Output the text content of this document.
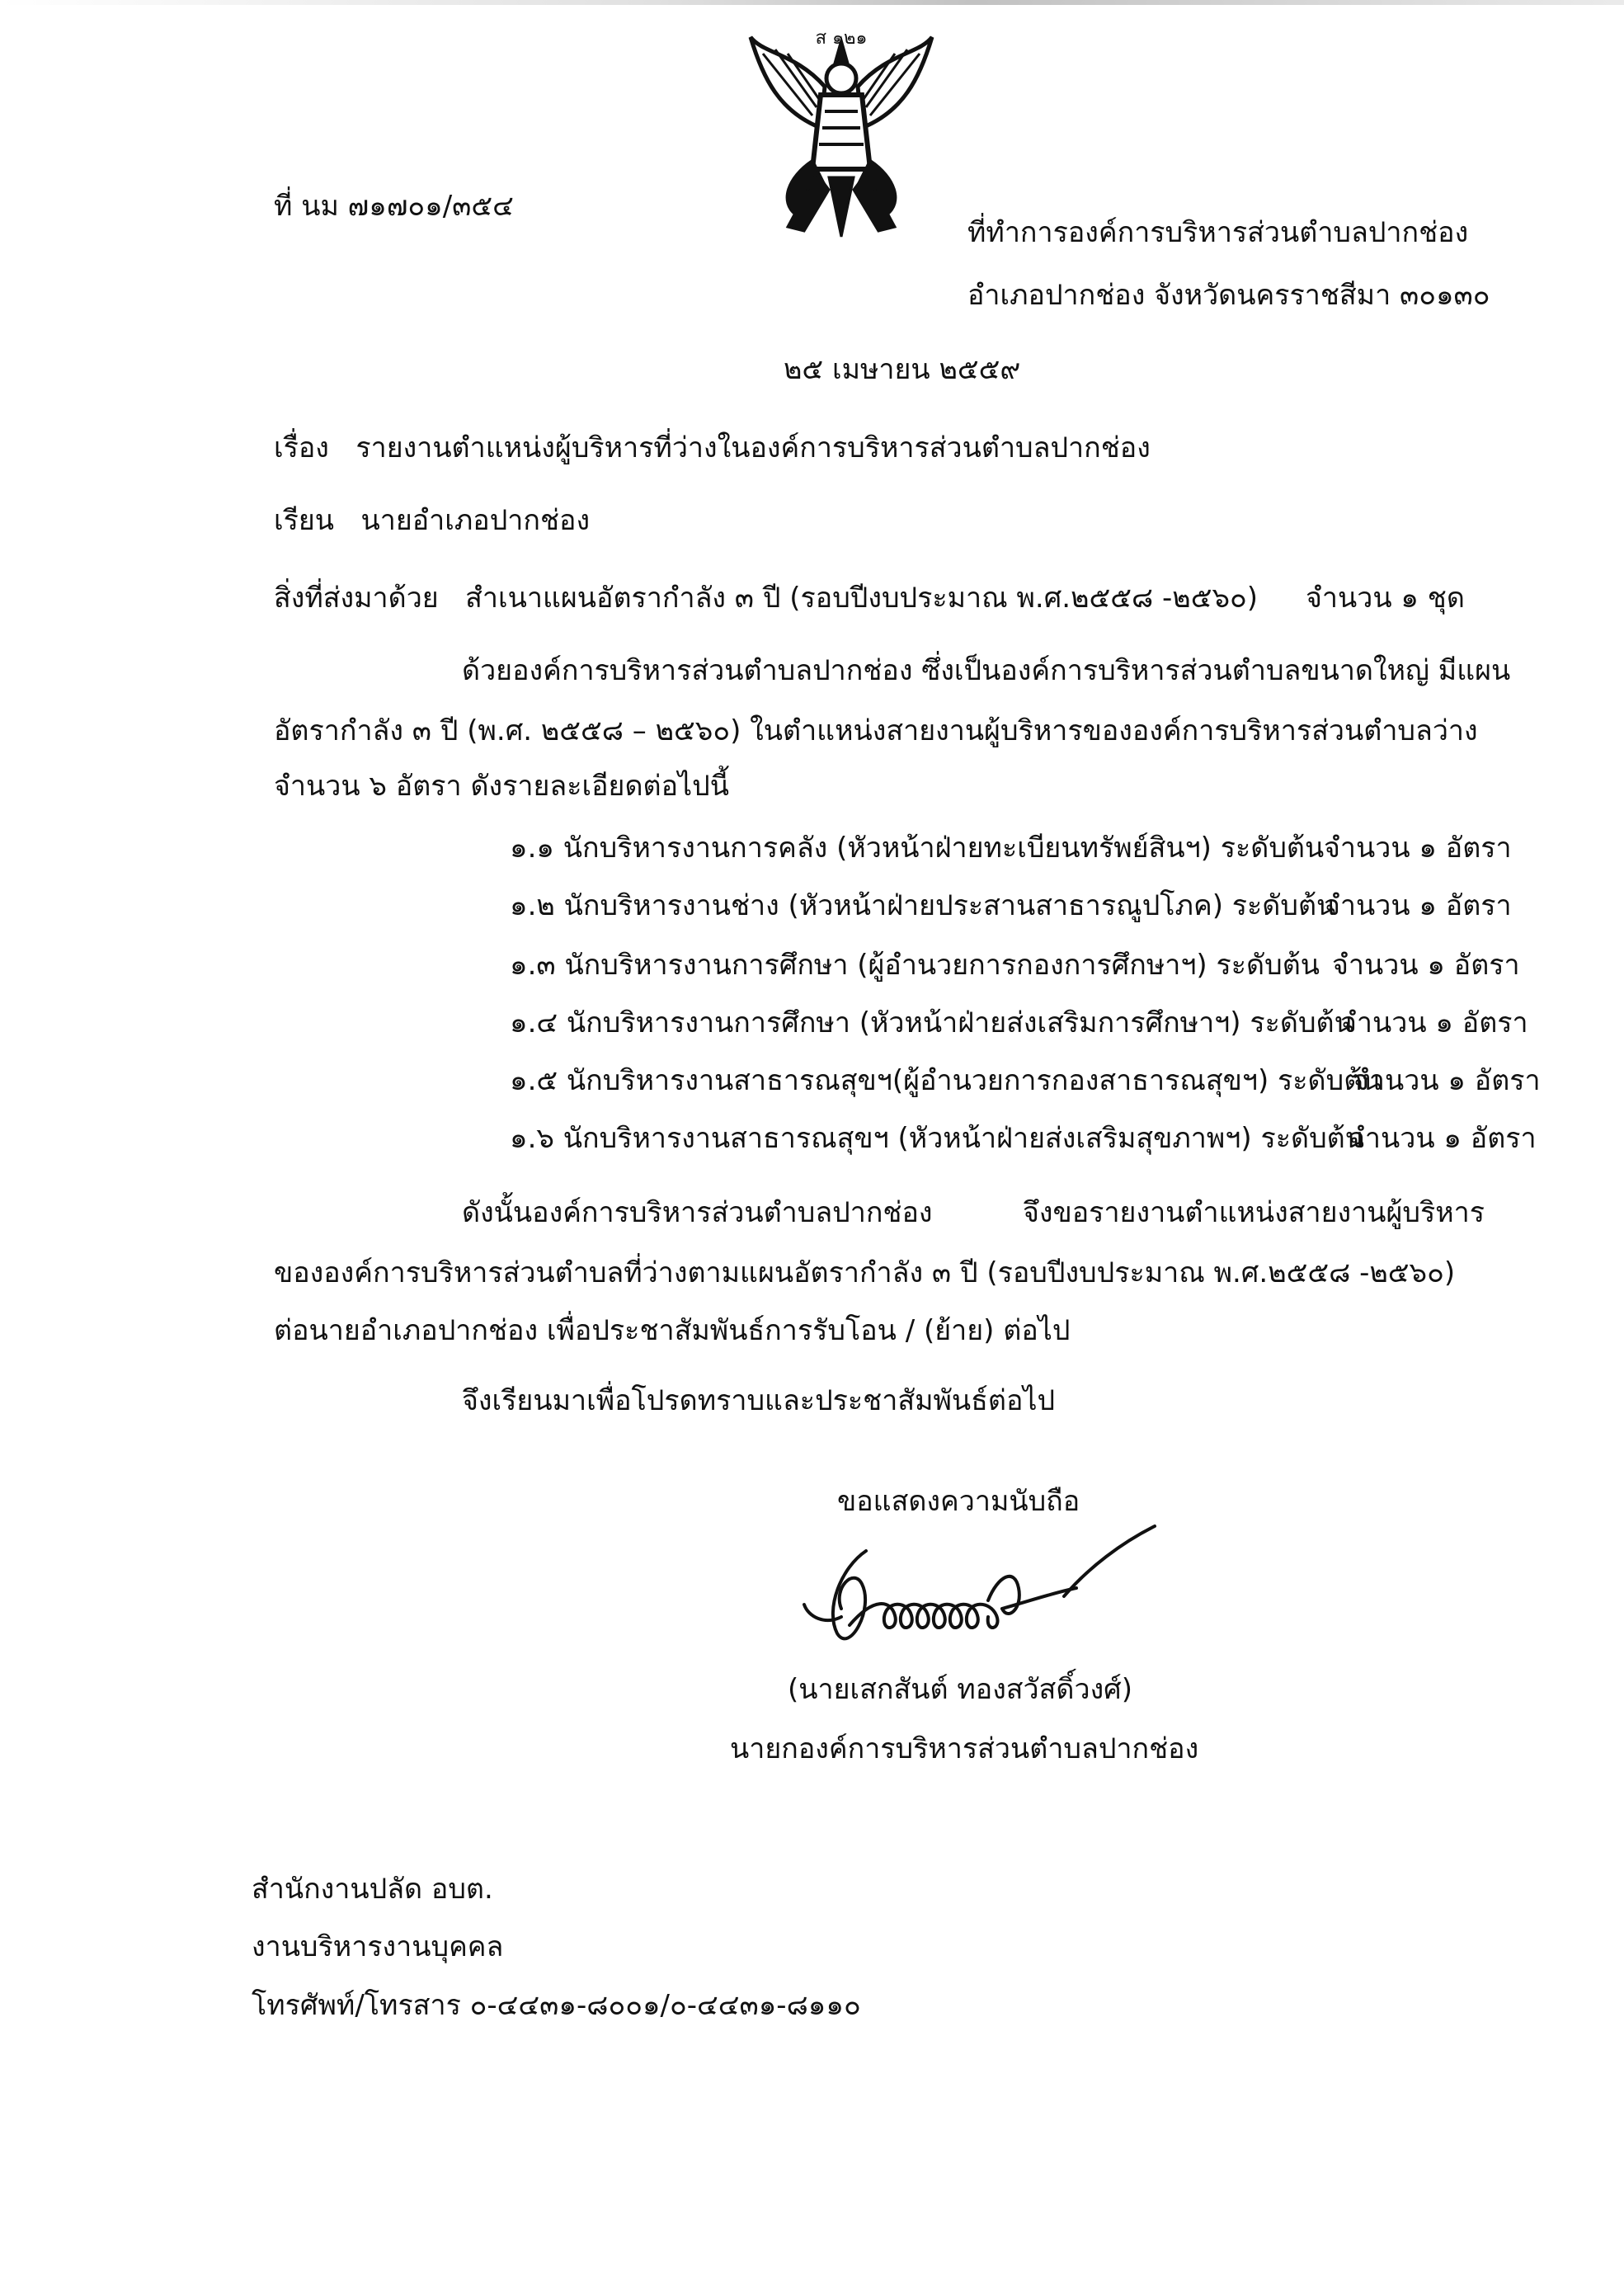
ส ๑๒๑
ที่ นม ๗๑๗๐๑/๓๕๔
ที่ทำการองค์การบริหารส่วนตำบลปากช่อง
อำเภอปากช่อง จังหวัดนครราชสีมา ๓๐๑๓๐
๒๕ เมษายน ๒๕๕๙
เรื่อง รายงานตำแหน่งผู้บริหารที่ว่างในองค์การบริหารส่วนตำบลปากช่อง
เรียน นายอำเภอปากช่อง
สิ่งที่ส่งมาด้วย สำเนาแผนอัตรากำลัง ๓ ปี (รอบปีงบประมาณ พ.ศ.๒๕๕๘ -๒๕๖๐) จำนวน ๑ ชุด
ด้วยองค์การบริหารส่วนตำบลปากช่อง ซึ่งเป็นองค์การบริหารส่วนตำบลขนาดใหญ่ มีแผน
อัตรากำลัง ๓ ปี (พ.ศ. ๒๕๕๘ – ๒๕๖๐) ในตำแหน่งสายงานผู้บริหารขององค์การบริหารส่วนตำบลว่าง
จำนวน ๖ อัตรา ดังรายละเอียดต่อไปนี้
๑.๑ นักบริหารงานการคลัง (หัวหน้าฝ่ายทะเบียนทรัพย์สินฯ) ระดับต้น จำนวน ๑ อัตรา
๑.๒ นักบริหารงานช่าง (หัวหน้าฝ่ายประสานสาธารณูปโภค) ระดับต้น
จำนวน ๑ อัตรา
๑.๓ นักบริหารงานการศึกษา (ผู้อำนวยการกองการศึกษาฯ) ระดับต้น จำนวน ๑ อัตรา
๑.๔ นักบริหารงานการศึกษา (หัวหน้าฝ่ายส่งเสริมการศึกษาฯ) ระดับต้น
จำนวน ๑ อัตรา
๑.๕ นักบริหารงานสาธารณสุขฯ(ผู้อำนวยการกองสาธารณสุขฯ) ระดับต้น
จำนวน ๑ อัตรา
๑.๖ นักบริหารงานสาธารณสุขฯ (หัวหน้าฝ่ายส่งเสริมสุขภาพฯ) ระดับต้น
จำนวน ๑ อัตรา
ดังนั้นองค์การบริหารส่วนตำบลปากช่อง	จึงขอรายงานตำแหน่งสายงานผู้บริหาร
ขององค์การบริหารส่วนตำบลที่ว่างตามแผนอัตรากำลัง ๓ ปี (รอบปีงบประมาณ พ.ศ.๒๕๕๘ -๒๕๖๐)
ต่อนายอำเภอปากช่อง เพื่อประชาสัมพันธ์การรับโอน / (ย้าย) ต่อไป
จึงเรียนมาเพื่อโปรดทราบและประชาสัมพันธ์ต่อไป
ขอแสดงความนับถือ
(นายเสกสันต์ ทองสวัสดิ์วงศ์)
นายกองค์การบริหารส่วนตำบลปากช่อง
สำนักงานปลัด อบต.
งานบริหารงานบุคคล
โทรศัพท์/โทรสาร ๐-๔๔๓๑-๘๐๐๑/๐-๔๔๓๑-๘๑๑๐
